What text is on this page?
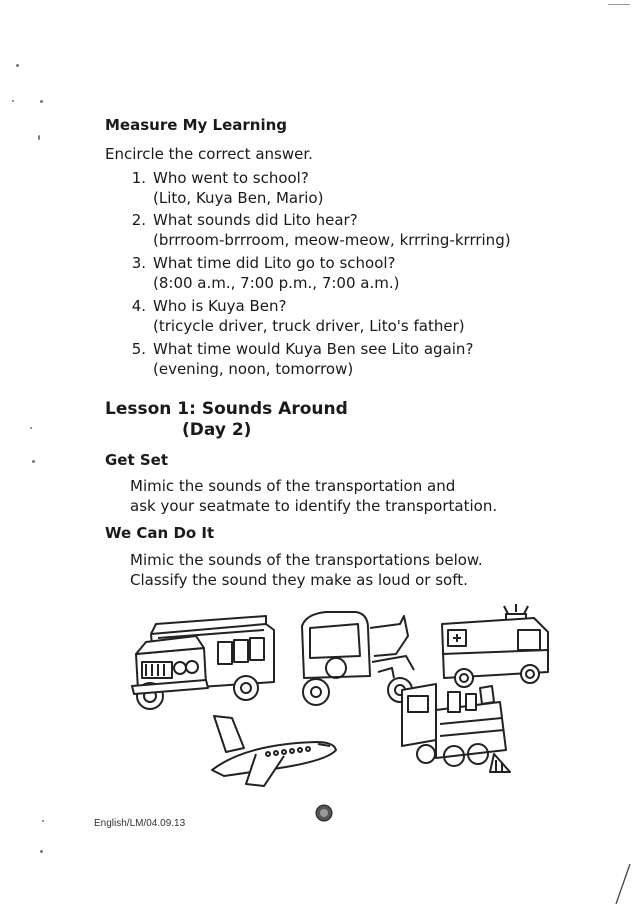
Measure My Learning
Encircle the correct answer.
1. Who went to school?
(Lito, Kuya Ben, Mario)
2. What sounds did Lito hear?
(brrroom-brrroom, meow-meow, krrring-krrring)
3. What time did Lito go to school?
(8:00 a.m., 7:00 p.m., 7:00 a.m.)
4. Who is Kuya Ben?
(tricycle driver, truck driver, Lito's father)
5. What time would Kuya Ben see Lito again?
(evening, noon, tomorrow)
Lesson 1: Sounds Around
(Day 2)
Get Set
Mimic the sounds of the transportation and
ask your seatmate to identify the transportation.
We Can Do It
Mimic the sounds of the transportations below.
Classify the sound they make as loud or soft.
English/LM/04.09.13
